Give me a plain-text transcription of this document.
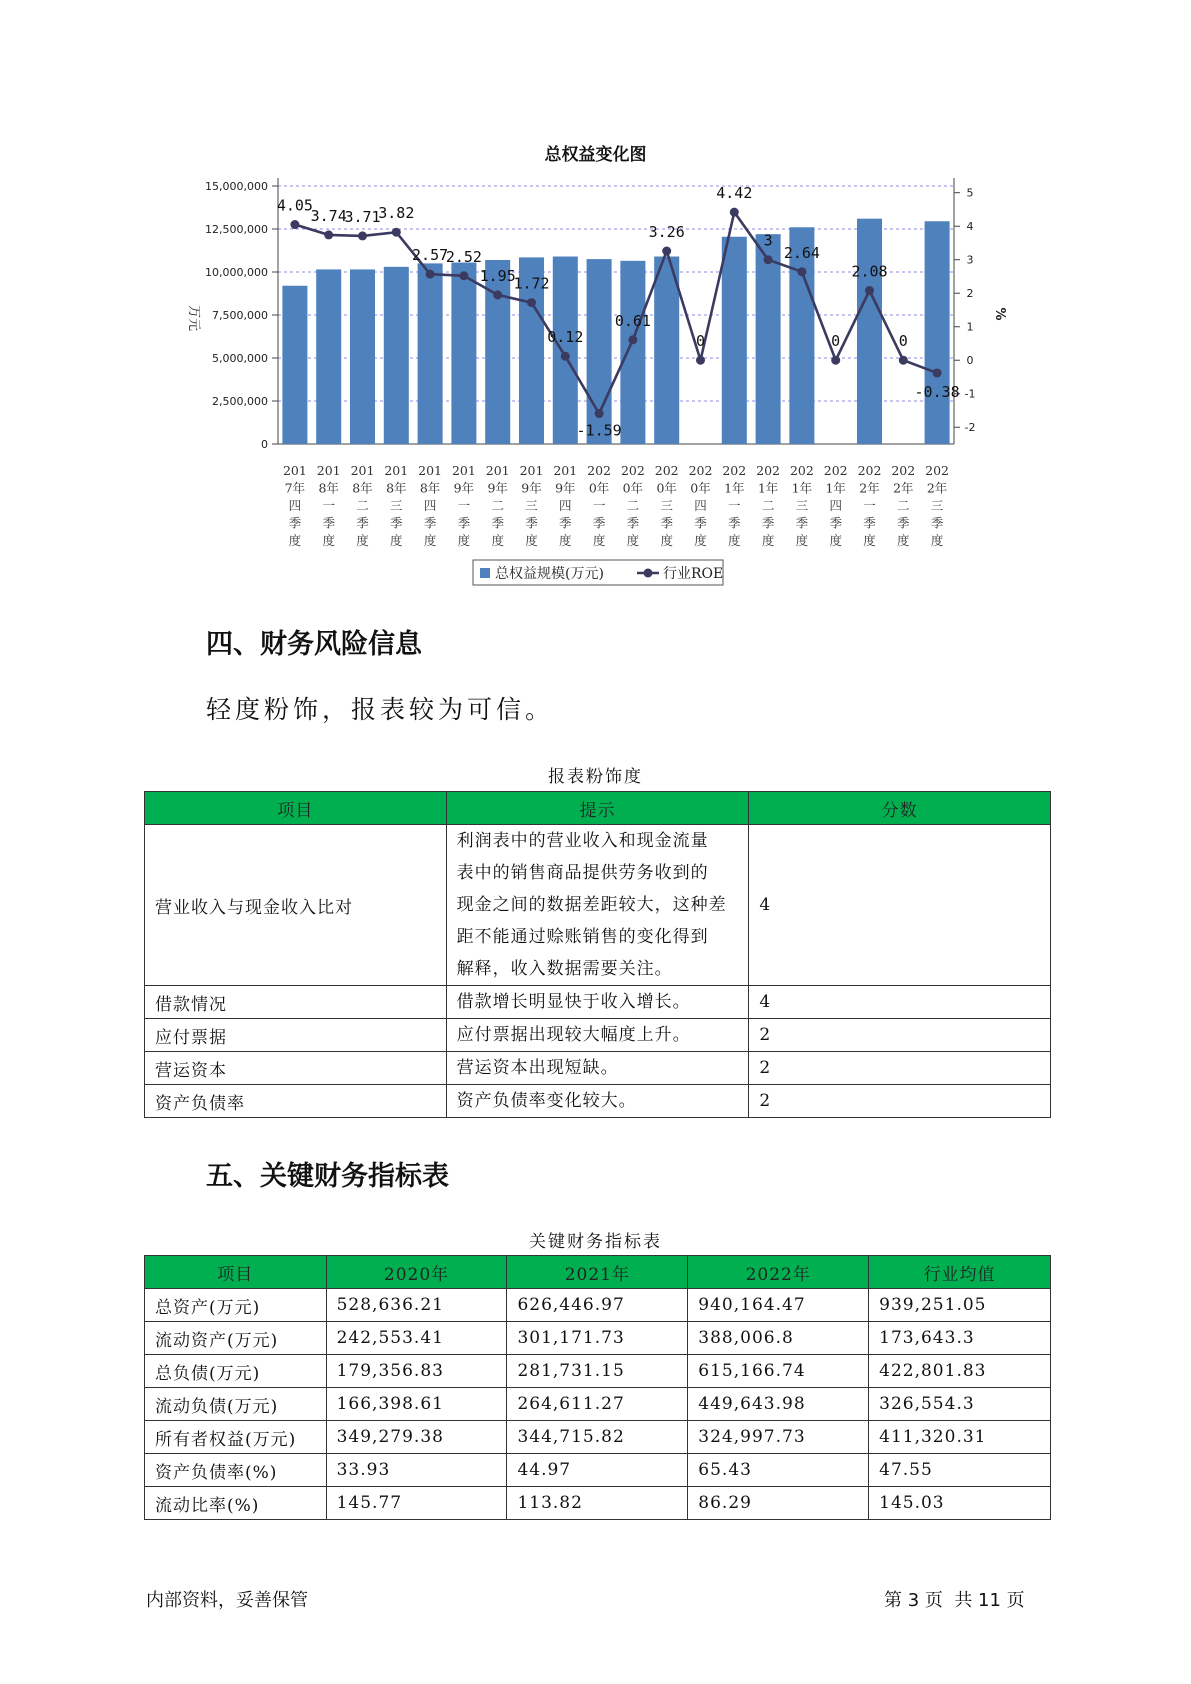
总权益变化图
15,000,000
12,500,000
10,000,000
7,500,000
5,000,000
2,500,000
0
5
4
3
2
1
0
-1
-2
万元	%
201
7年
四
季
度
201
8年
一
季
度
201
8年
二
季
度
201
8年
三
季
度
201
8年
四
季
度
201
9年
一
季
度
201
9年
二
季
度
201
9年
三
季
度
201
9年
四
季
度
202
0年
一
季
度
202
0年
二
季
度
202
0年
三
季
度
202
0年
四
季
度
202
1年
一
季
度
202
1年
二
季
度
202
1年
三
季
度
202
1年
四
季
度
202
2年
一
季
度
202
2年
二
季
度
202
2年
三
季
度
4.05
3.74
3.71
3.82
2.57
2.52
1.95
1.72
0.12
-1.59
0.61
3.26
0
4.42
3
2.64
0
2.08
0
-0.38
总权益规模(万元)	行业ROE
四、财务风险信息
轻度粉饰，报表较为可信。
报表粉饰度
项目	提示	分数
营业收入与现金收入比对	利润表中的营业收入和现金流量
表中的销售商品提供劳务收到的
现金之间的数据差距较大，这种差
距不能通过赊账销售的变化得到
解释，收入数据需要关注。	4
借款情况	借款增长明显快于收入增长。	4
应付票据	应付票据出现较大幅度上升。	2
营运资本	营运资本出现短缺。	2
资产负债率	资产负债率变化较大。	2
五、关键财务指标表
关键财务指标表
项目	2020年	2021年	2022年	行业均值
总资产(万元)	528,636.21	626,446.97	940,164.47	939,251.05
流动资产(万元)	242,553.41	301,171.73	388,006.8	173,643.3
总负债(万元)	179,356.83	281,731.15	615,166.74	422,801.83
流动负债(万元)	166,398.61	264,611.27	449,643.98	326,554.3
所有者权益(万元)	349,279.38	344,715.82	324,997.73	411,320.31
资产负债率(%)	33.93	44.97	65.43	47.55
流动比率(%)	145.77	113.82	86.29	145.03
内部资料，妥善保管	第 3 页  共 11 页
